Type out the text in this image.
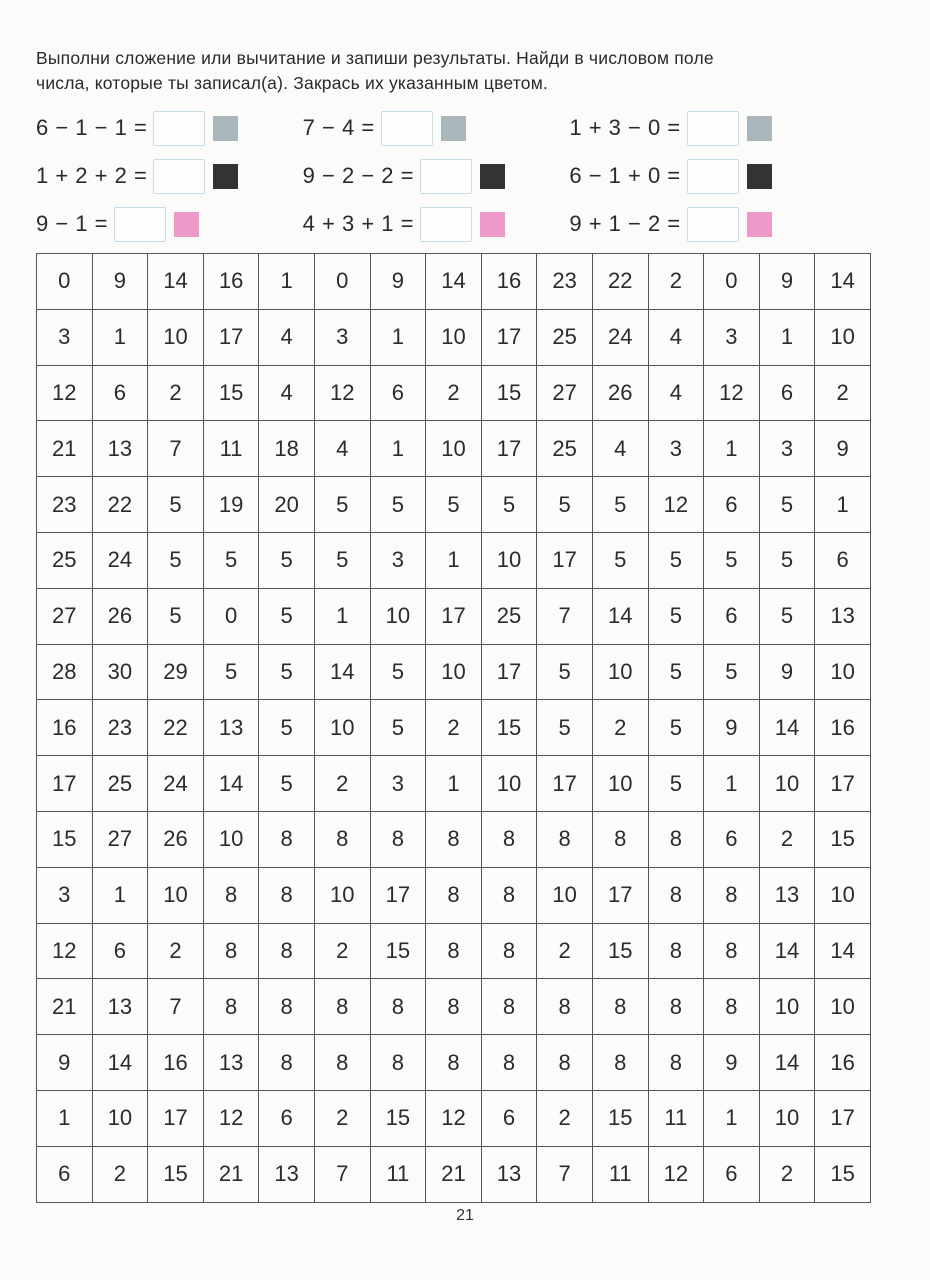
Выполни сложение или вычитание и запиши результаты. Найди в числовом поле
числа, которые ты записал(а). Закрась их указанным цветом.
6 − 1 − 1 =	7 − 4 =	1 + 3 − 0 =
1 + 2 + 2 =	9 − 2 − 2 =	6 − 1 + 0 =
9 − 1 =	4 + 3 + 1 =	9 + 1 − 2 =
0	9	14	16	1	0	9	14	16	23	22	2	0	9	14
3	1	10	17	4	3	1	10	17	25	24	4	3	1	10
12	6	2	15	4	12	6	2	15	27	26	4	12	6	2
21	13	7	11	18	4	1	10	17	25	4	3	1	3	9
23	22	5	19	20	5	5	5	5	5	5	12	6	5	1
25	24	5	5	5	5	3	1	10	17	5	5	5	5	6
27	26	5	0	5	1	10	17	25	7	14	5	6	5	13
28	30	29	5	5	14	5	10	17	5	10	5	5	9	10
16	23	22	13	5	10	5	2	15	5	2	5	9	14	16
17	25	24	14	5	2	3	1	10	17	10	5	1	10	17
15	27	26	10	8	8	8	8	8	8	8	8	6	2	15
3	1	10	8	8	10	17	8	8	10	17	8	8	13	10
12	6	2	8	8	2	15	8	8	2	15	8	8	14	14
21	13	7	8	8	8	8	8	8	8	8	8	8	10	10
9	14	16	13	8	8	8	8	8	8	8	8	9	14	16
1	10	17	12	6	2	15	12	6	2	15	11	1	10	17
6	2	15	21	13	7	11	21	13	7	11	12	6	2	15
21
